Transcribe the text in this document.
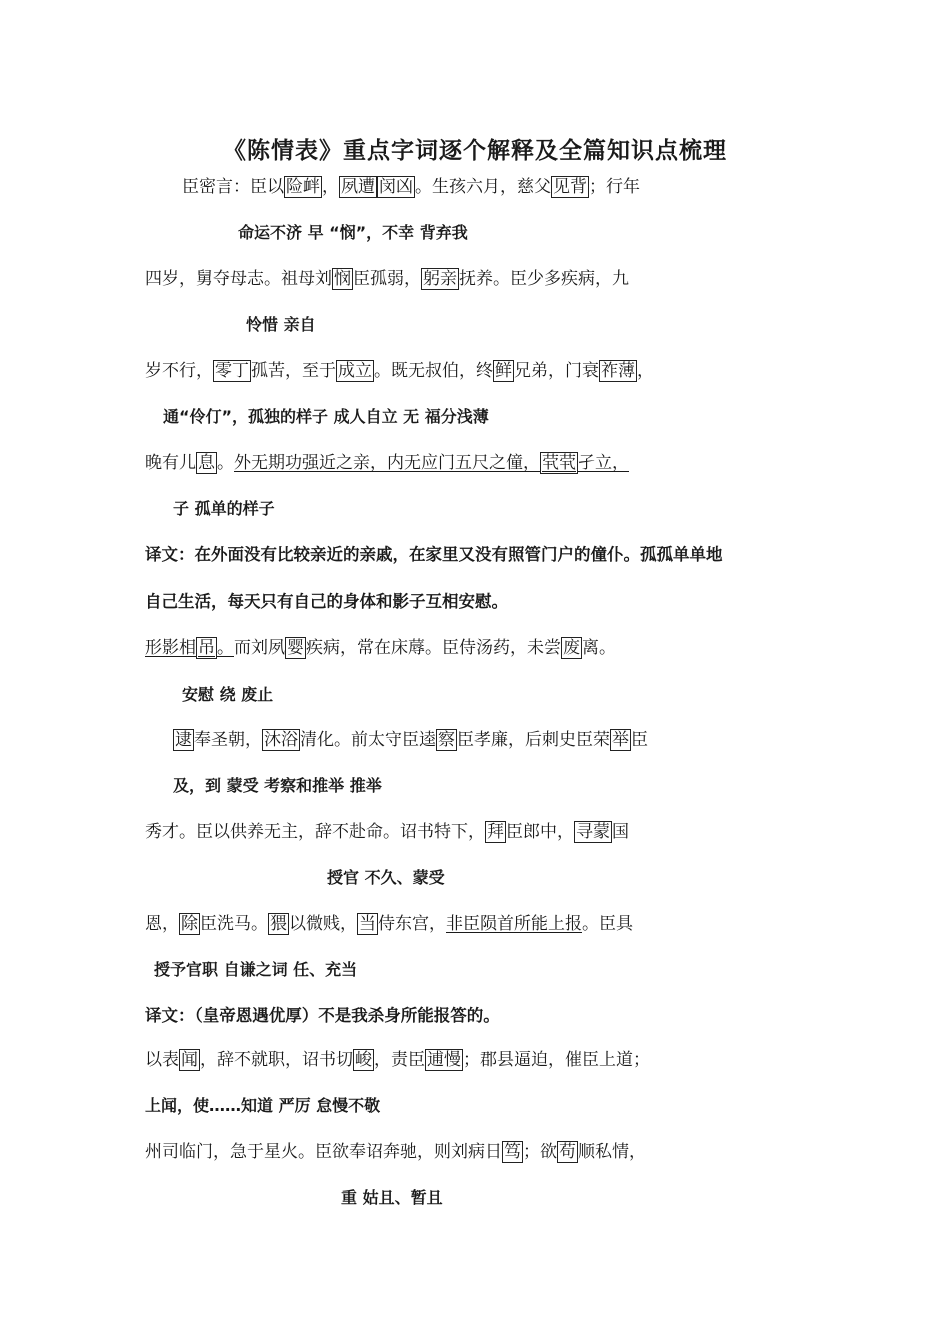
《陈情表》重点字词逐个解释及全篇知识点梳理
臣密言：臣以 险衅 ， 夙遭 闵凶 。生孩六月，慈父 见背 ；行年
命运不济 早 “悯”，不幸 背弃我
四岁，舅夺母志。祖母刘 悯 臣孤弱， 躬亲 抚养。臣少多疾病，九
怜惜 亲自
岁不行， 零丁 孤苦，至于 成立 。既无叔伯，终 鲜 兄弟，门衰 祚薄 ，
通“伶仃”，孤独的样子 成人自立 无 福分浅薄
晚有儿 息 。外无期功强近之亲，内无应门五尺之僮， 茕茕 孑立，
子 孤单的样子
译文：在外面没有比较亲近的亲戚，在家里又没有照管门户的僮仆。孤孤单单地
自己生活，每天只有自己的身体和影子互相安慰。
形影相 吊 。而刘夙 婴 疾病，常在床蓐。臣侍汤药，未尝 废 离。
安慰 绕 废止
逮 奉圣朝， 沐浴 清化。前太守臣逵 察 臣孝廉，后刺史臣荣 举 臣
及，到 蒙受 考察和推举 推举
秀才。臣以供养无主，辞不赴命。诏书特下， 拜 臣郎中， 寻蒙 国
授官 不久、蒙受
恩， 除 臣洗马。 猥 以微贱， 当 侍东宫，非臣陨首所能上报。臣具
授予官职 自谦之词 任、充当
译文：（皇帝恩遇优厚）不是我杀身所能报答的。
以表 闻 ，辞不就职，诏书切 峻 ，责臣 逋慢 ；郡县逼迫，催臣上道；
上闻，使……知道 严厉 怠慢不敬
州司临门，急于星火。臣欲奉诏奔驰，则刘病日 笃 ；欲 苟 顺私情，
重 姑且、暂且
